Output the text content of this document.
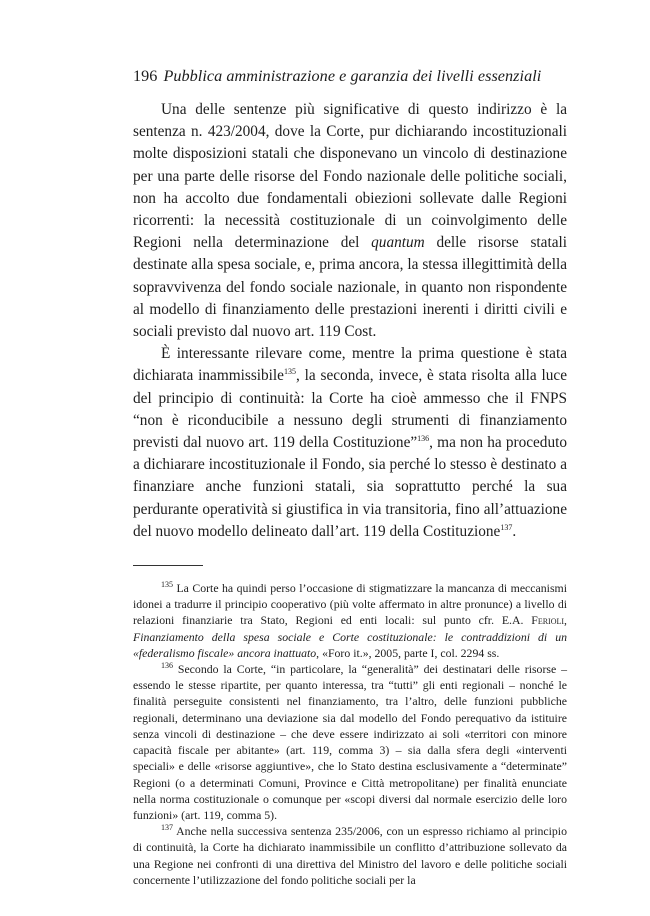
196 Pubblica amministrazione e garanzia dei livelli essenziali

Una delle sentenze più significative di questo indirizzo è la sentenza n. 423/2004, dove la Corte, pur dichiarando incostituzionali molte disposizioni statali che disponevano un vincolo di destinazione per una parte delle risorse del Fondo nazionale delle politiche sociali, non ha accolto due fondamentali obiezioni sollevate dalle Regioni ricorrenti: la necessità costituzionale di un coinvolgimento delle Regioni nella determinazione del quantum delle risorse statali destinate alla spesa sociale, e, prima ancora, la stessa illegittimità della sopravvivenza del fondo sociale nazionale, in quanto non rispondente al modello di finanziamento delle prestazioni inerenti i diritti civili e sociali previsto dal nuovo art. 119 Cost.

È interessante rilevare come, mentre la prima questione è stata dichiarata inammissibile$^{135}$, la seconda, invece, è stata risolta alla luce del principio di continuità: la Corte ha cioè ammesso che il FNPS “non è riconducibile a nessuno degli strumenti di finanziamento previsti dal nuovo art. 119 della Costituzione”$^{136}$, ma non ha proceduto a dichiarare incostituzionale il Fondo, sia perché lo stesso è destinato a finanziare anche funzioni statali, sia soprattutto perché la sua perdurante operatività si giustifica in via transitoria, fino all’attuazione del nuovo modello delineato dall’art. 119 della Costituzione$^{137}$.

$^{135}$ La Corte ha quindi perso l’occasione di stigmatizzare la mancanza di meccanismi idonei a tradurre il principio cooperativo (più volte affermato in altre pronunce) a livello di relazioni finanziarie tra Stato, Regioni ed enti locali: sul punto cfr. E.A. Ferioli, Finanziamento della spesa sociale e Corte costituzionale: le contraddizioni di un «federalismo fiscale» ancora inattuato, «Foro it.», 2005, parte I, col. 2294 ss.

$^{136}$ Secondo la Corte, “in particolare, la “generalità” dei destinatari delle risorse – essendo le stesse ripartite, per quanto interessa, tra “tutti” gli enti regionali – nonché le finalità perseguite consistenti nel finanziamento, tra l’altro, delle funzioni pubbliche regionali, determinano una deviazione sia dal modello del Fondo perequativo da istituire senza vincoli di destinazione – che deve essere indirizzato ai soli «territori con minore capacità fiscale per abitante» (art. 119, comma 3) – sia dalla sfera degli «interventi speciali» e delle «risorse aggiuntive», che lo Stato destina esclusivamente a “determinate” Regioni (o a determinati Comuni, Province e Città metropolitane) per finalità enunciate nella norma costituzionale o comunque per «scopi diversi dal normale esercizio delle loro funzioni» (art. 119, comma 5).

$^{137}$ Anche nella successiva sentenza 235/2006, con un espresso richiamo al principio di continuità, la Corte ha dichiarato inammissibile un conflitto d’attribuzione sollevato da una Regione nei confronti di una direttiva del Ministro del lavoro e delle politiche sociali concernente l’utilizzazione del fondo politiche sociali per la
